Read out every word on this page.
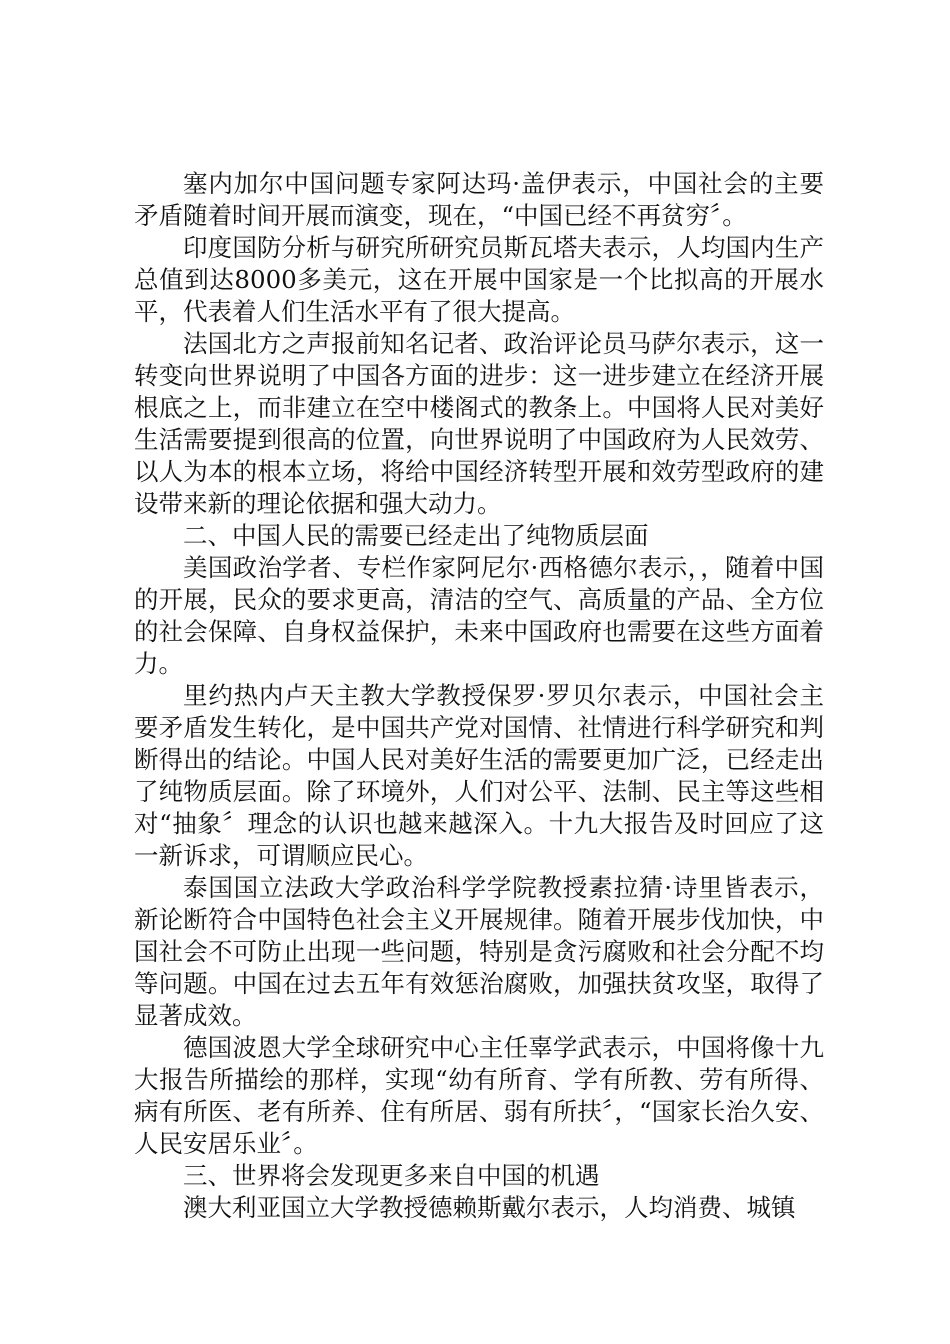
塞内加尔中国问题专家阿达玛·盖伊表示，中国社会的主要矛盾随着时间开展而演变，现在，“中国已经不再贫穷〞。

印度国防分析与研究所研究员斯瓦塔夫表示，人均国内生产总值到达8000多美元，这在开展中国家是一个比拟高的开展水平，代表着人们生活水平有了很大提高。

法国北方之声报前知名记者、政治评论员马萨尔表示，这一转变向世界说明了中国各方面的进步：这一进步建立在经济开展根底之上，而非建立在空中楼阁式的教条上。中国将人民对美好生活需要提到很高的位置，向世界说明了中国政府为人民效劳、以人为本的根本立场，将给中国经济转型开展和效劳型政府的建设带来新的理论依据和强大动力。

二、中国人民的需要已经走出了纯物质层面

美国政治学者、专栏作家阿尼尔·西格德尔表示，，随着中国的开展，民众的要求更高，清洁的空气、高质量的产品、全方位的社会保障、自身权益保护，未来中国政府也需要在这些方面着力。

里约热内卢天主教大学教授保罗·罗贝尔表示，中国社会主要矛盾发生转化，是中国共产党对国情、社情进行科学研究和判断得出的结论。中国人民对美好生活的需要更加广泛，已经走出了纯物质层面。除了环境外，人们对公平、法制、民主等这些相对“抽象〞理念的认识也越来越深入。十九大报告及时回应了这一新诉求，可谓顺应民心。

泰国国立法政大学政治科学学院教授素拉猜·诗里皆表示，新论断符合中国特色社会主义开展规律。随着开展步伐加快，中国社会不可防止出现一些问题，特别是贪污腐败和社会分配不均等问题。中国在过去五年有效惩治腐败，加强扶贫攻坚，取得了显著成效。

德国波恩大学全球研究中心主任辜学武表示，中国将像十九大报告所描绘的那样，实现“幼有所育、学有所教、劳有所得、病有所医、老有所养、住有所居、弱有所扶〞，“国家长治久安、人民安居乐业〞。

三、世界将会发现更多来自中国的机遇

澳大利亚国立大学教授德赖斯戴尔表示，人均消费、城镇
